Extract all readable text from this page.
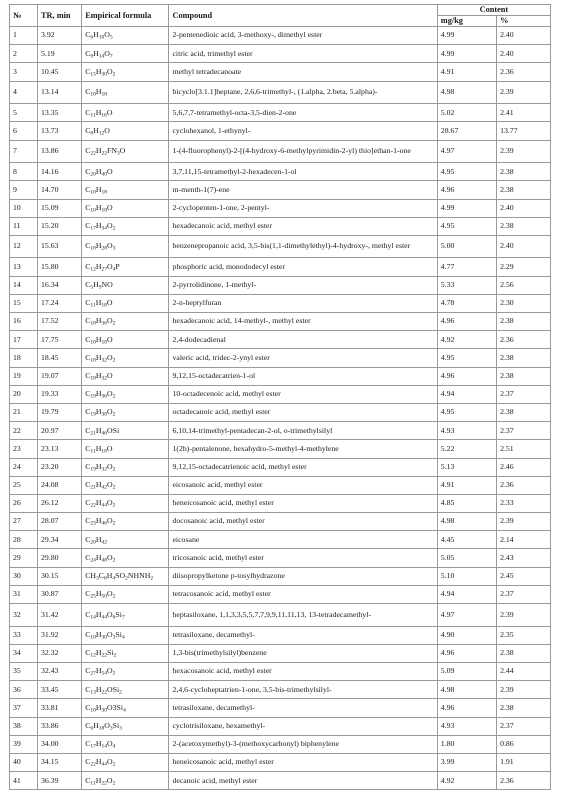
№	TR, min	Empirical formula	Compound	Content	
				mg/kg	%
1	3.92	$C_6H_{10}O_5$	2-pentenedioic acid, 3-methoxy-, dimethyl ester	4.99	2.40
2	5.19	$C_9H_{14}O_7$	citric acid, trimethyl ester	4.99	2.40
3	10.45	$C_{15}H_{30}O_2$	methyl tetradecanoate	4.91	2.36
4	13.14	$C_{10}H_{18}$	bicyclo[3.1.1]heptane, 2,6,6-trimethyl-, (1.alpha, 2.beta, 5.alpha)-	4.98	2.39
5	13.35	$C_{11}H_{16}O$	5,6,7,7-tetramethyl-octa-3,5-dien-2-one	5.02	2.41
6	13.73	$C_8H_{12}O$	cyclohexanol, 1-ethynyl-	28.67	13.77
7	13.86	$C_{22}H_{22}FN_3O$	1-(4-fluorophenyl)-2-[(4-hydroxy-6-methylpyrimidin-2-yl) thio]ethan-1-one	4.97	2.39
8	14.16	$C_{20}H_{40}O$	3,7,11,15-tetramethyl-2-hexadecen-1-ol	4.95	2.38
9	14.70	$C_{10}H_{18}$	m-menth-1(7)-ene	4.96	2.38
10	15.09	$C_{10}H_{18}O$	2-cyclopenten-1-one, 2-pentyl-	4.99	2.40
11	15.20	$C_{17}H_{34}O_2$	hexadecanoic acid, methyl ester	4.95	2.38
12	15.63	$C_{18}H_{28}O_3$	benzenepropanoic acid, 3,5-bis(1,1-dimethylethyl)-4-hydroxy-, methyl ester	5.00	2.40
13	15.80	$C_{12}H_{27}O_4P$	phosphoric acid, monododecyl ester	4.77	2.29
14	16.34	$C_5H_9NO$	2-pyrrolidinone, 1-methyl-	5.33	2.56
15	17.24	$C_{11}H_{18}O$	2-n-heptylfuran	4.78	2.30
16	17.52	$C_{18}H_{36}O_2$	hexadecanoic acid, 14-methyl-, methyl ester	4.96	2.38
17	17.75	$C_{10}H_{18}O$	2,4-dodecadienal	4.92	2.36
18	18.45	$C_{18}H_{32}O_2$	valeric acid, tridec-2-ynyl ester	4.95	2.38
19	19.07	$C_{18}H_{32}O$	9,12,15-octadecatrien-1-ol	4.96	2.38
20	19.33	$C_{19}H_{36}O_2$	10-octadecenoic acid, methyl ester	4.94	2.37
21	19.79	$C_{19}H_{38}O_2$	octadecanoic acid, methyl ester	4.95	2.38
22	20.97	$C_{21}H_{46}OSi$	6,10,14-trimethyl-pentadecan-2-ol, o-trimethylsilyl	4.93	2.37
23	23.13	$C_{11}H_{18}O$	1(2h)-pentalenone, hexahydro-5-methyl-4-methylene	5.22	2.51
24	23.20	$C_{19}H_{32}O_2$	9,12,15-octadecatrienoic acid, methyl ester	5.13	2.46
25	24.08	$C_{21}H_{42}O_2$	eicosanoic acid, methyl ester	4.91	2.36
26	26.12	$C_{22}H_{44}O_2$	heneicosanoic acid, methyl ester	4.85	2.33
27	28.07	$C_{23}H_{46}O_2$	docosanoic acid, methyl ester	4.98	2.39
28	29.34	$C_{20}H_{42}$	eicosane	4.45	2.14
29	29.80	$C_{24}H_{48}O_2$	tricosanoic acid, methyl ester	5.05	2.43
30	30.15	$CH_3C_6H_4SO_2NHNH_2$	diisopropylketone p-tosylhydrazone	5.10	2.45
31	30.87	$C_{25}H_{50}O_2$	tetracosanoic acid, methyl ester	4.94	2.37
32	31.42	$C_{14}H_{44}O_6Si_7$	heptasiloxane, 1,1,3,3,5,5,7,7,9,9,11,11,13, 13-tetradecamethyl-	4.97	2.39
33	31.92	$C_{10}H_{30}O_3Si_4$	tetrasiloxane, decamethyl-	4.90	2.35
34	32.32	$C_{12}H_{22}Si_2$	1,3-bis(trimethylsilyl)benzene	4.96	2.38
35	32.43	$C_{27}H_{54}O_2$	hexacosanoic acid, methyl ester	5.09	2.44
36	33.45	$C_{13}H_{22}OSi_2$	2,4,6-cycloheptatrien-1-one, 3,5-bis-trimethylsilyl-	4.98	2.39
37	33.81	$C_{10}H_{30}O3Si_4$	tetrasiloxane, decamethyl-	4.96	2.38
38	33.86	$C_6H_{18}O_3Si_3$	cyclotrisiloxane, hexamethyl-	4.93	2.37
39	34.00	$C_{17}H_{14}O_4$	2-(acetoxymethyl)-3-(methoxycarbonyl) biphenylene	1.80	0.86
40	34.15	$C_{22}H_{44}O_2$	heneicosanoic acid, methyl ester	3.99	1.91
41	36.39	$C_{11}H_{22}O_2$	decanoic acid, methyl ester	4.92	2.36
